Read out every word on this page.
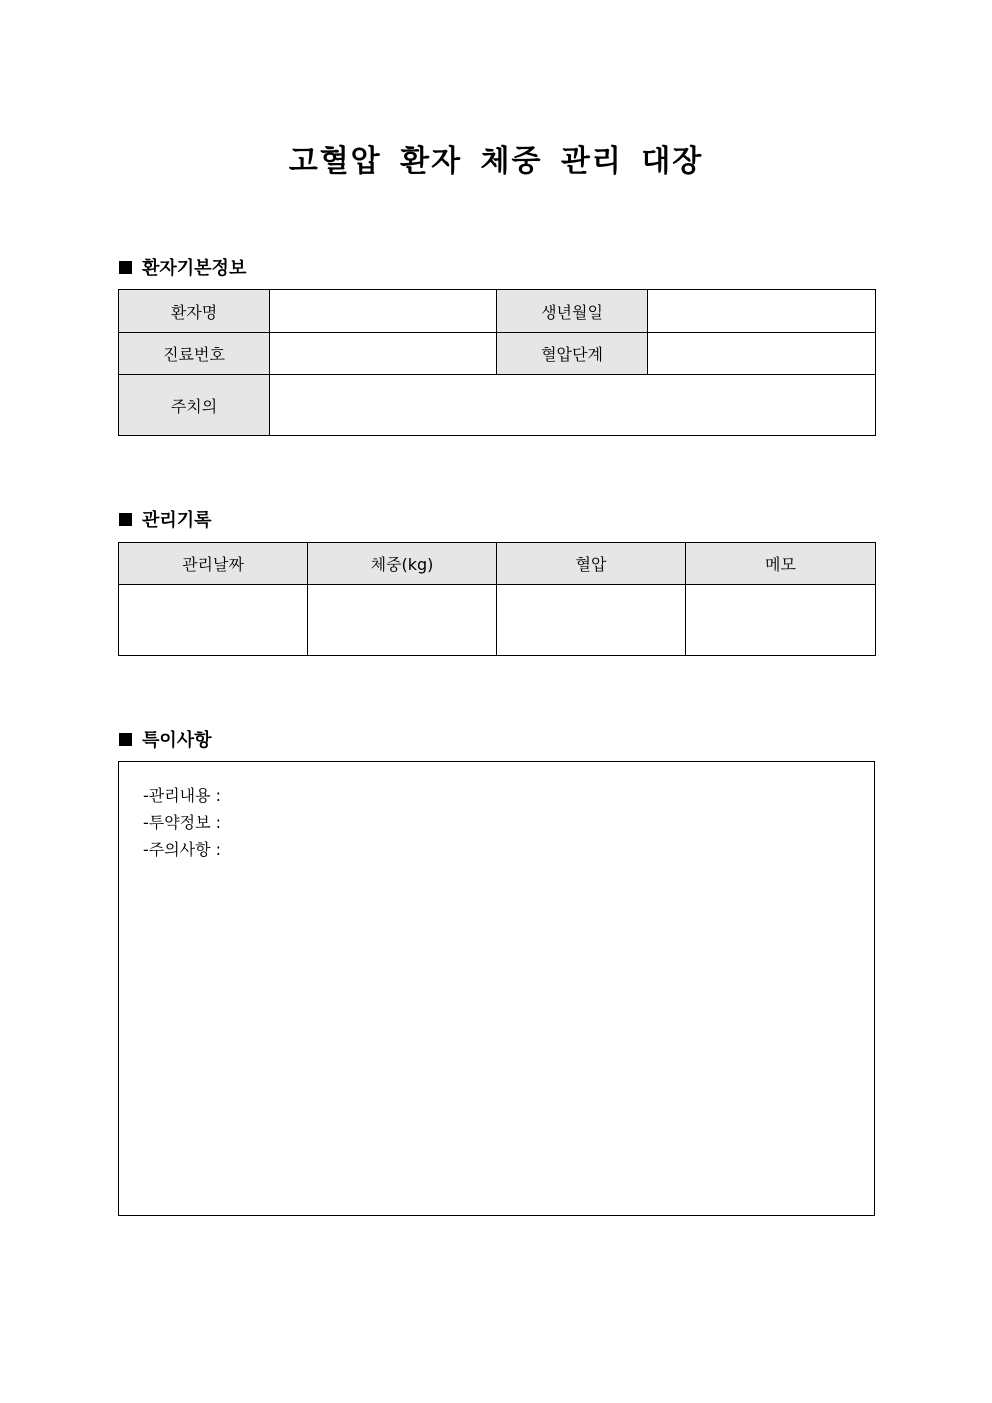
고혈압 환자 체중 관리 대장
환자기본정보
환자명		생년월일	
진료번호		혈압단계	
주치의			
관리기록
관리날짜	체중(kg)	혈압	메모

특이사항
-관리내용 :
-투약정보 :
-주의사항 :
